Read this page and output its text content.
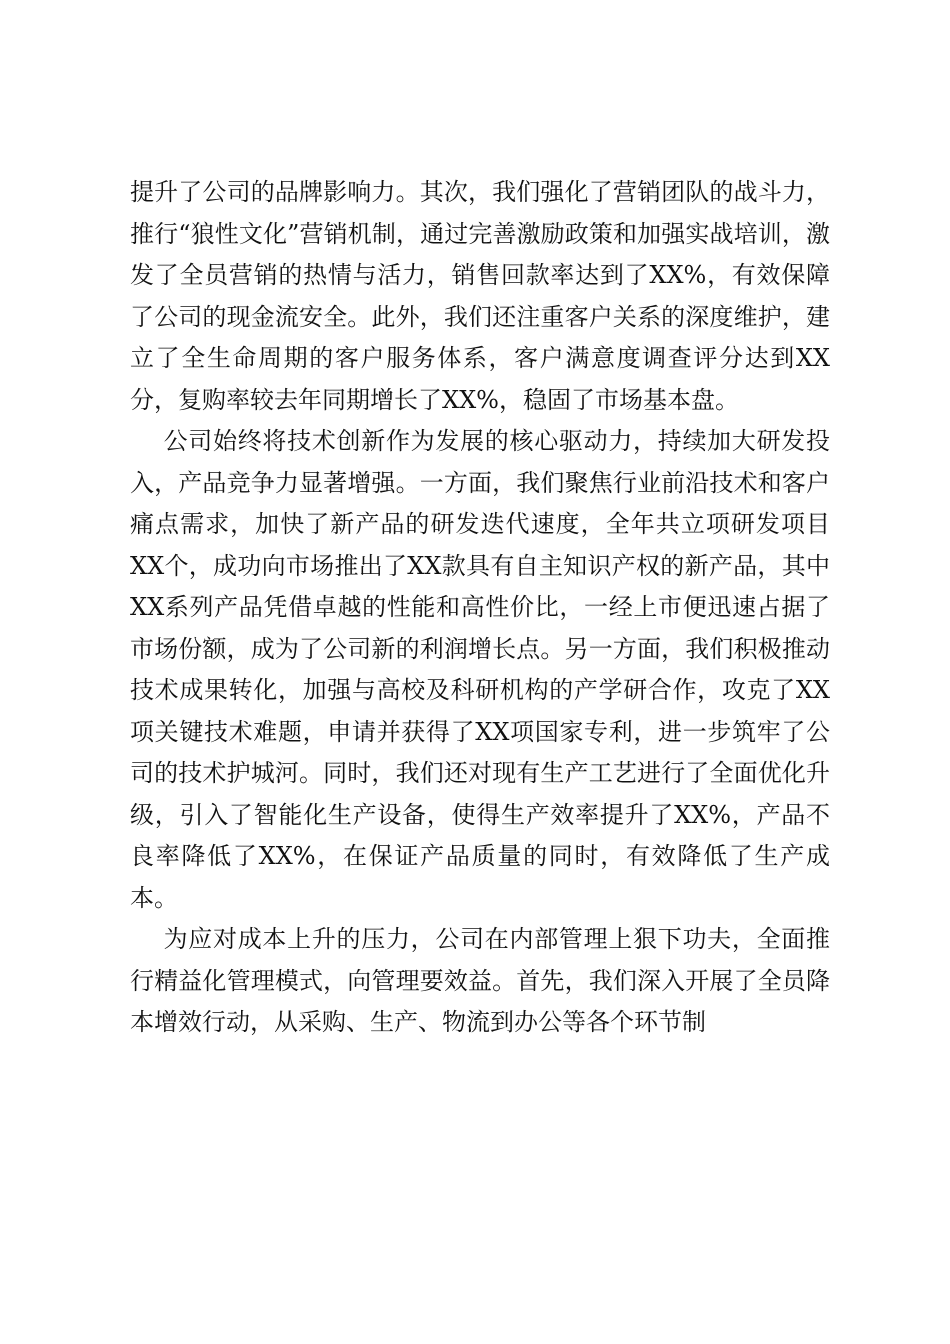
提升了公司的品牌影响力。其次，我们强化了营销团队的战斗力，推行“狼性文化”营销机制，通过完善激励政策和加强实战培训，激发了全员营销的热情与活力，销售回款率达到了XX%，有效保障了公司的现金流安全。此外，我们还注重客户关系的深度维护，建立了全生命周期的客户服务体系，客户满意度调查评分达到XX分，复购率较去年同期增长了XX%，稳固了市场基本盘。

公司始终将技术创新作为发展的核心驱动力，持续加大研发投入，产品竞争力显著增强。一方面，我们聚焦行业前沿技术和客户痛点需求，加快了新产品的研发迭代速度，全年共立项研发项目XX个，成功向市场推出了XX款具有自主知识产权的新产品，其中XX系列产品凭借卓越的性能和高性价比，一经上市便迅速占据了市场份额，成为了公司新的利润增长点。另一方面，我们积极推动技术成果转化，加强与高校及科研机构的产学研合作，攻克了XX项关键技术难题，申请并获得了XX项国家专利，进一步筑牢了公司的技术护城河。同时，我们还对现有生产工艺进行了全面优化升级，引入了智能化生产设备，使得生产效率提升了XX%，产品不良率降低了XX%，在保证产品质量的同时，有效降低了生产成本。

为应对成本上升的压力，公司在内部管理上狠下功夫，全面推行精益化管理模式，向管理要效益。首先，我们深入开展了全员降本增效行动，从采购、生产、物流到办公等各个环节制
